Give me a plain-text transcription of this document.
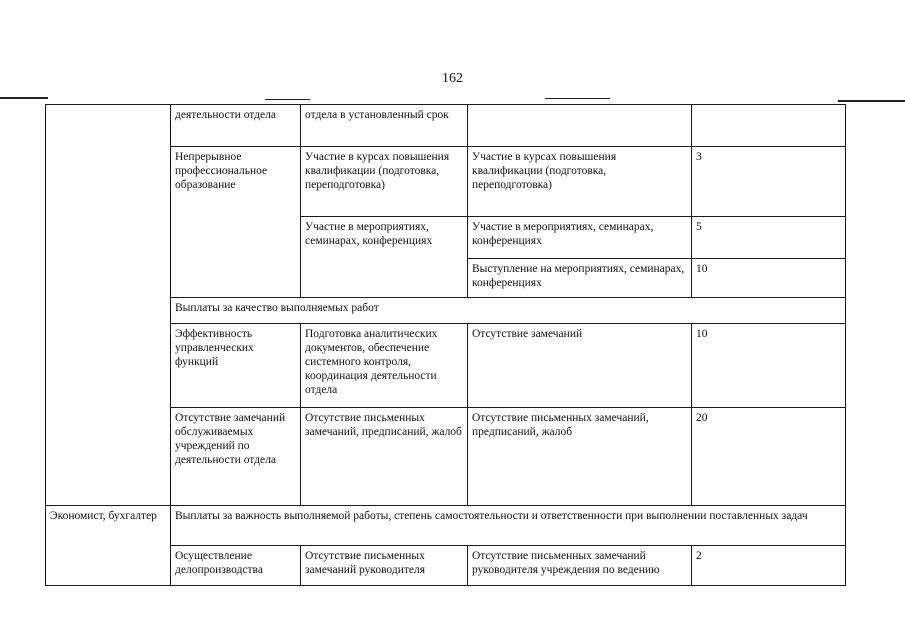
162
	деятельности отдела	отдела в установленный срок		
	Непрерывное профессиональное образование	Участие в курсах повышения квалификации (подготовка, переподготовка)	Участие в курсах повышения квалификации (подготовка, переподготовка)	3
		Участие в мероприятиях, семинарах, конференциях	Участие в мероприятиях, семинарах, конференциях	5
			Выступление на мероприятиях, семинарах, конференциях	10
	Выплаты за качество выполняемых работ			
	Эффективность управленческих функций	Подготовка аналитических документов, обеспечение системного контроля, координация деятельности отдела	Отсутствие замечаний	10
	Отсутствие замечаний обслуживаемых учреждений по деятельности отдела	Отсутствие письменных замечаний, предписаний, жалоб	Отсутствие письменных замечаний, предписаний, жалоб	20
Экономист, бухгалтер	Выплаты за важность выполняемой работы, степень самостоятельности и ответственности при выполнении поставленных задач			
	Осуществление делопроизводства	Отсутствие письменных замечаний руководителя	Отсутствие письменных замечаний руководителя учреждения по ведению	2
